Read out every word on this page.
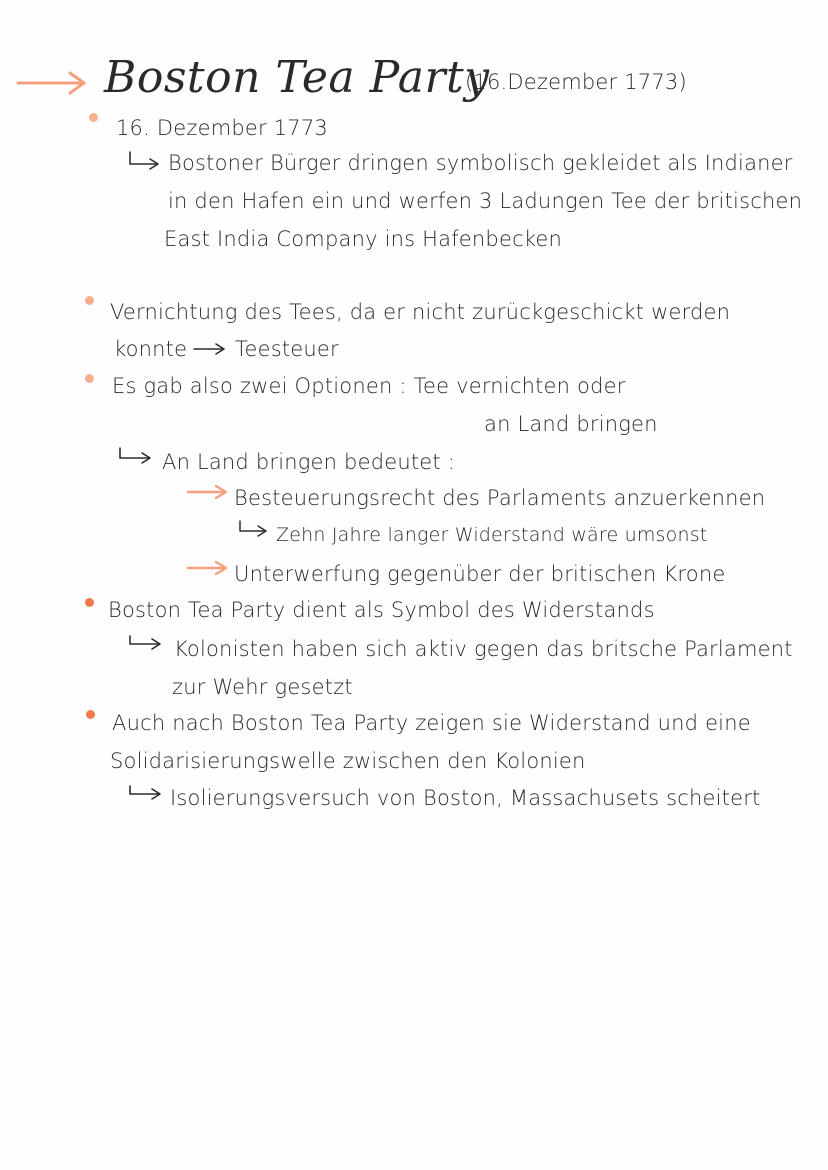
Boston Tea Party
(16.Dezember 1773)
16. Dezember 1773
Bostoner Bürger dringen symbolisch gekleidet als Indianer
in den Hafen ein und werfen 3 Ladungen Tee der britischen
East India Company ins Hafenbecken
Vernichtung des Tees, da er nicht zurückgeschickt werden
konnte Teesteuer
Es gab also zwei Optionen : Tee vernichten oder
an Land bringen
An Land bringen bedeutet :
Besteuerungsrecht des Parlaments anzuerkennen
Zehn Jahre langer Widerstand wäre umsonst
Unterwerfung gegenüber der britischen Krone
Boston Tea Party dient als Symbol des Widerstands
Kolonisten haben sich aktiv gegen das britsche Parlament
zur Wehr gesetzt
Auch nach Boston Tea Party zeigen sie Widerstand und eine
Solidarisierungswelle zwischen den Kolonien
Isolierungsversuch von Boston, Massachusets scheitert
